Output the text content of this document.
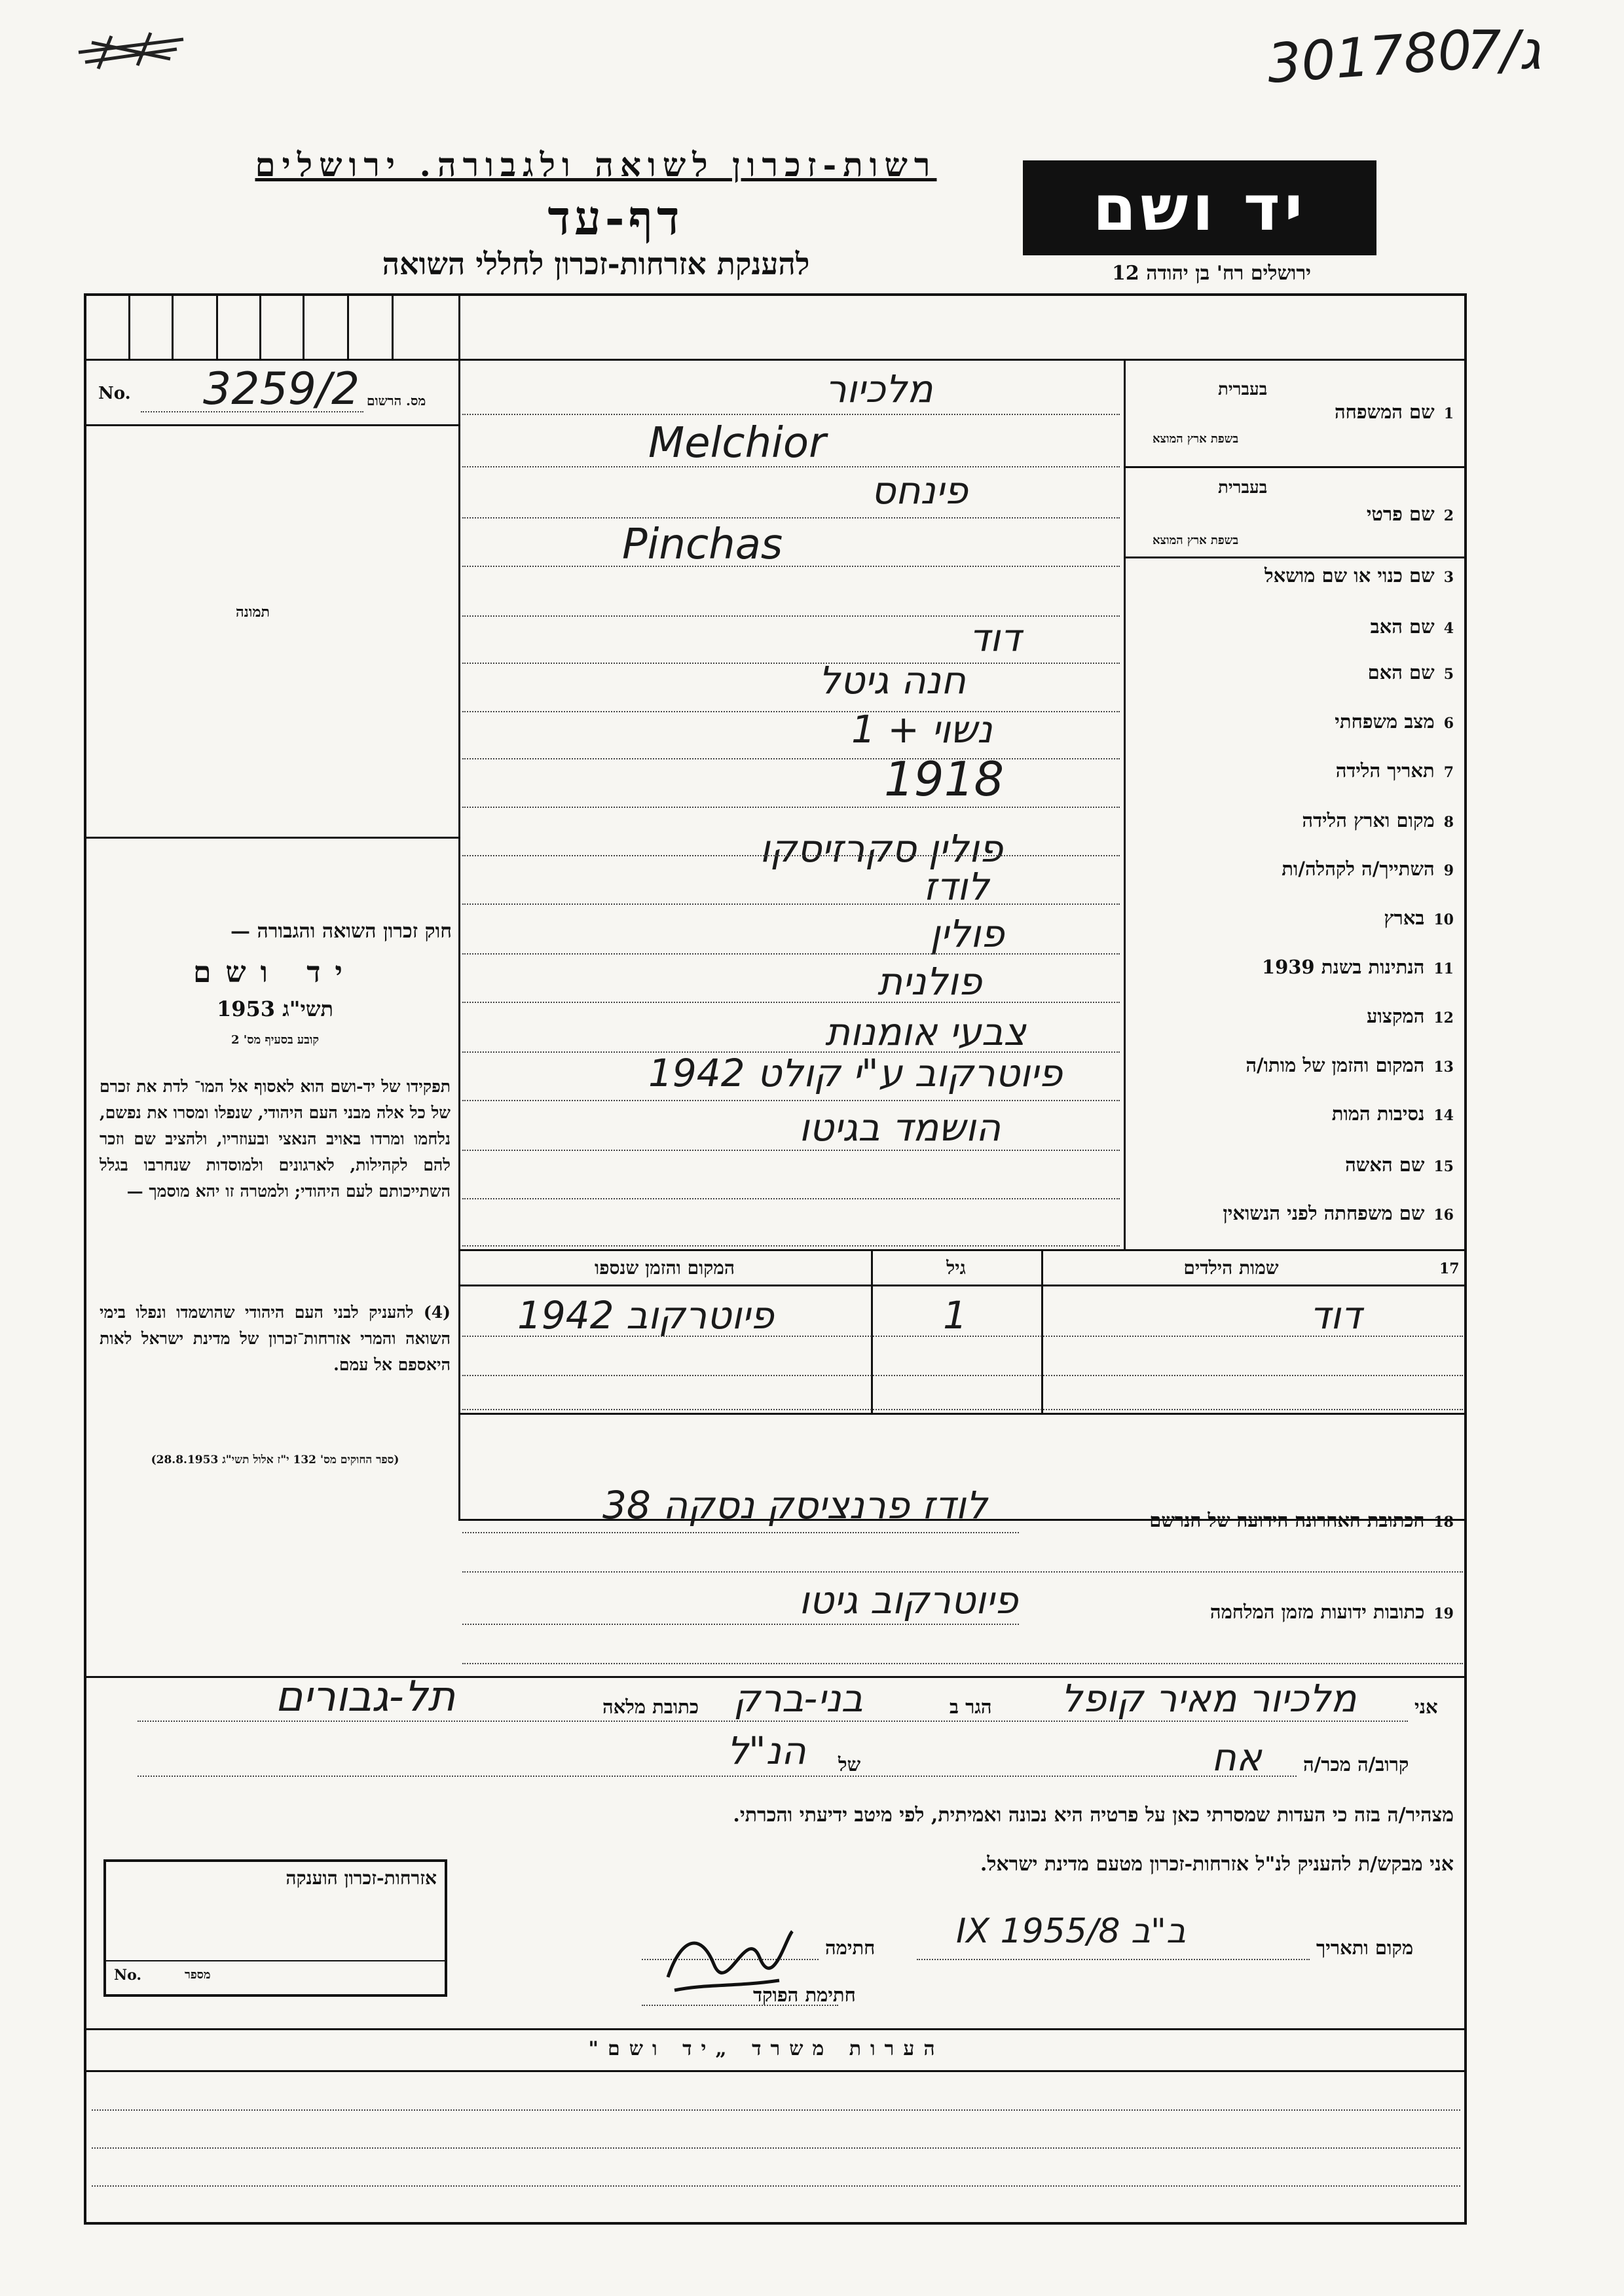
301780
ג/7
רשות-זכרון לשואה ולגבורה. ירושלים
דף-עד
להענקת אזרחות-זכרון לחללי השואה
יד ושם
ירושלים רח' בן יהודה 12
מס. הרשום
No. 3259/2
תמונה
חוק זכרון השואה והגבורה —
יד ושם
תשי"ג 1953
קובע בסעיף מס' 2
תפקידו של יד-ושם הוא לאסוף אל המו־ לדת את זכרם של כל אלה מבני העם היהודי, שנפלו ומסרו את נפשם, נלחמו ומרדו באויב הנאצי ובעוזריו, ולהציב שם וזכר להם לקהילות, לארגונים ולמוסדות שנחרבו בגלל השתייכותם לעם היהודי; ולמטרה זו יהא מוסמך —
(4) להעניק לבני העם היהודי שהושמדו ונפלו בימי השואה והמרי אזרחות־זכרון של מדינת ישראל לאות היאספם אל עמם.
(ספר החוקים מס' 132 י"ז אלול תשי"ג 28.8.1953)
1שם המשפחה
בעברית
בשפת ארץ המוצא
מלכיור
Melchior
2שם פרטי
בעברית
בשפת ארץ המוצא
פינחס
Pinchas
3שם כנוי או שם מושאל
4שם האב
דוד
5שם האם
חנה גיטל
6מצב משפחתי
נשוי + 1
7תאריך הלידה
1918
8מקום וארץ הלידה
פולין סקרזיסקו	9השתייך/ה לקהלה/ות
לודז
10בארץ
פולין
11הנתינות בשנת 1939
פולנית
12המקצוע
צבעי אומנות
13המקום והזמן של מותו/ה
פיוטרקוב ע"י קולט 1942
14נסיבות המות
הושמד בגיטו
15שם האשה
16שם משפחתה לפני הנשואין
17
שמות הילדים
גיל
המקום והזמן שנספו
דוד
1
פיוטרקוב 1942
18הכתובת האחרונה הידועה של הנרשם
לודז פרנציסק נסקה 38
19כתובות ידועות מזמן המלחמה
פיוטרקוב גיטו
אני
מלכיור מאיר קופל
הגר ב
בני-ברק
כתובת מלאה
תל-גבורים
קרוב/ה מכר/ה
אח
של
הנ"ל
מצהיר/ה בזה כי העדות שמסרתי כאן על פרטיה היא נכונה ואמיתית, לפי מיטב ידיעתי והכרתי.
אני מבקש/ת להעניק לנ"ל אזרחות-זכרון מטעם מדינת ישראל.
מקום ותאריך
ב"ב 8/IX 1955
חתימה
חתימת הפוקד
אזרחות-זכרון הוענקה
No.	מספר
הערות משרד „יד ושם"
